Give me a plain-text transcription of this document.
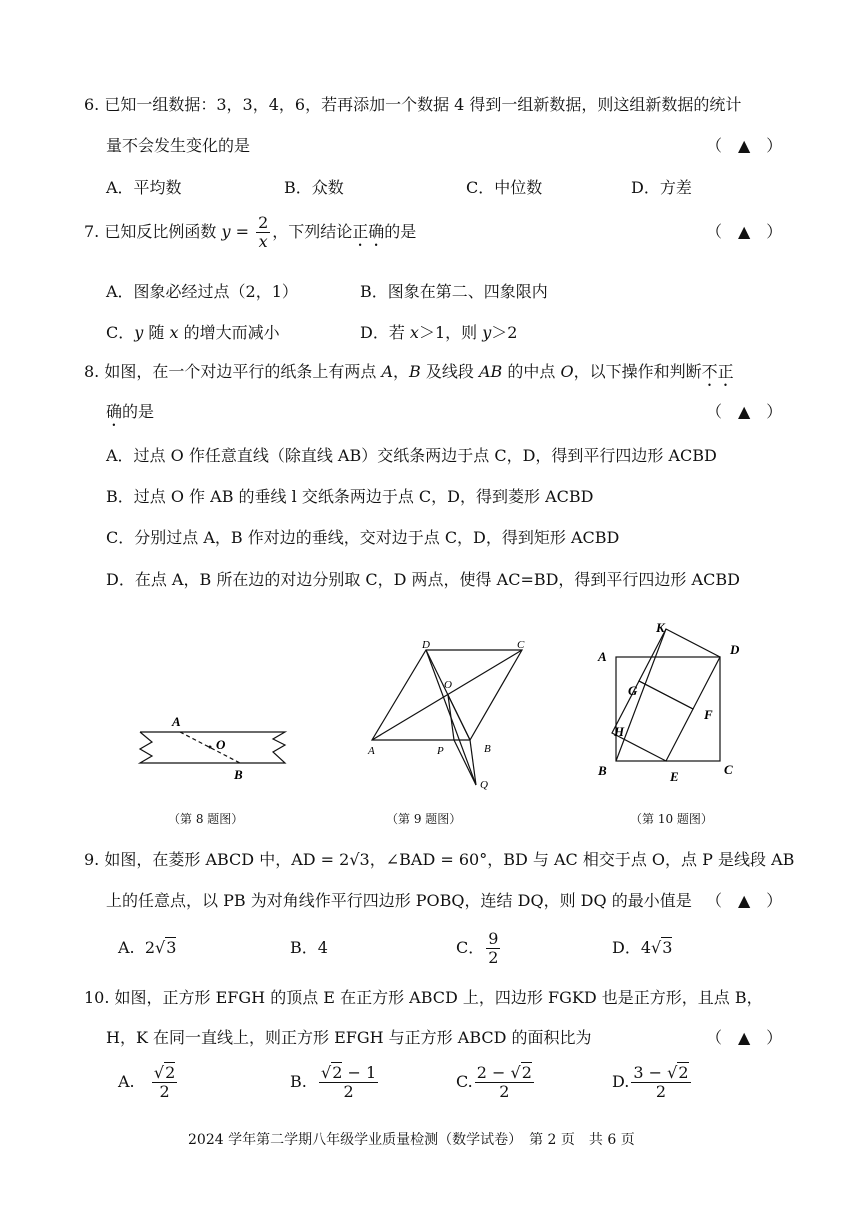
6. 已知一组数据：3，3，4，6，若再添加一个数据 4 得到一组新数据，则这组新数据的统计
量不会发生变化的是	（　▲　）
A．平均数	B．众数	C．中位数	D．方差
7. 已知反比例函数 $y = \frac{2}{x}$ ，下列结论正确的是	（　▲　）
A．图象必经过点（2，1）	B．图象在第二、四象限内
C．y 随 x 的增大而减小	D．若 x＞1，则 y＞2
8. 如图，在一个对边平行的纸条上有两点 A，B 及线段 AB 的中点 O，以下操作和判断不正
确的是	（　▲　）
A．过点 O 作任意直线（除直线 AB）交纸条两边于点 C，D，得到平行四边形 ACBD
B．过点 O 作 AB 的垂线 l 交纸条两边于点 C，D，得到菱形 ACBD
C．分别过点 A，B 作对边的垂线，交对边于点 C，D，得到矩形 ACBD
D．在点 A，B 所在边的对边分别取 C，D 两点，使得 AC=BD，得到平行四边形 ACBD
A
O
B
（第 8 题图）
D	C
O
A	P	B
Q
（第 9 题图）
K
A	D
G
F
H
B	E	C
（第 10 题图）
9. 如图，在菱形 ABCD 中，AD = 2√3，∠BAD = 60°，BD 与 AC 相交于点 O，点 P 是线段 AB
上的任意点，以 PB 为对角线作平行四边形 POBQ，连结 DQ，则 DQ 的最小值是 （　▲　）
A. 2√3	B．4	C． $\frac{9}{2}$	D．4√3
10. 如图，正方形 EFGH 的顶点 E 在正方形 ABCD 上，四边形 FGKD 也是正方形，且点 B，
H，K 在同一直线上，则正方形 EFGH 与正方形 ABCD 的面积比为	（　▲　）
A. $\frac{√2}{2}$	B. $\frac{√2 - 1}{2}$	C. $\frac{2 - √2}{2}$	D. $\frac{3 - √2}{2}$
2024 学年第二学期八年级学业质量检测（数学试卷）　第 2 页　共 6 页
